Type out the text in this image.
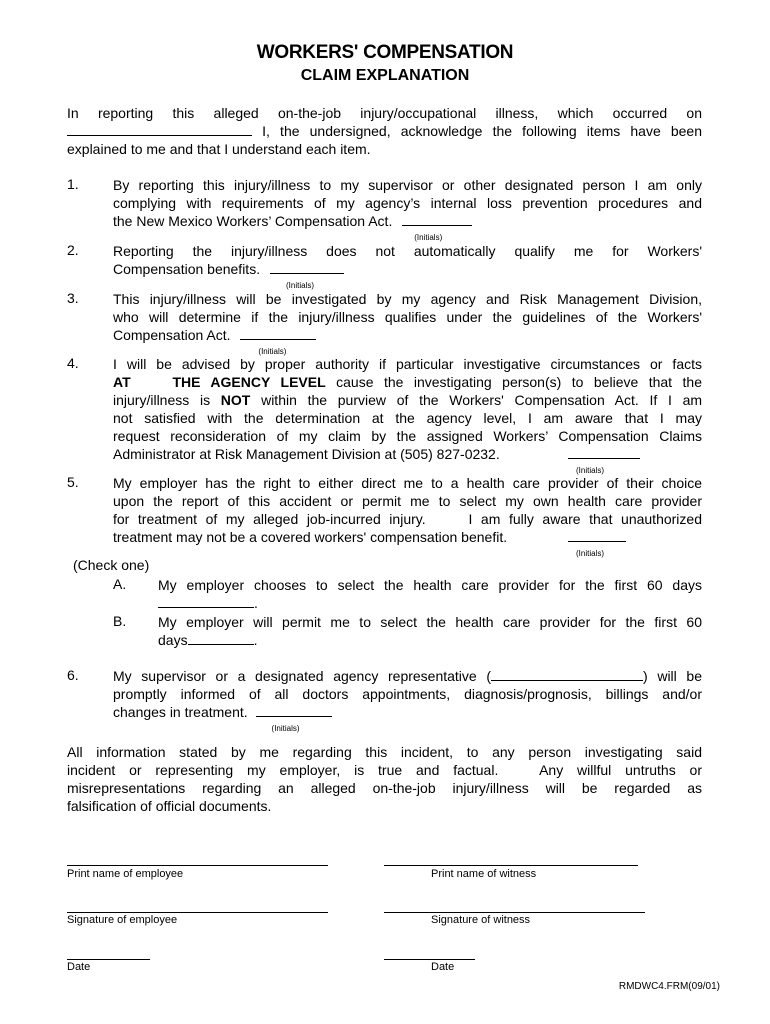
WORKERS' COMPENSATION
CLAIM EXPLANATION
In reporting this alleged on-the-job injury/occupational illness, which occurred on
I, the undersigned, acknowledge the following items have been
explained to me and that I understand each item.
1. By reporting this injury/illness to my supervisor or other designated person I am only
complying with requirements of my agency’s internal loss prevention procedures and
the New Mexico Workers’ Compensation Act.
(Initials)
2. Reporting the injury/illness does not automatically qualify me for Workers'
Compensation benefits.
(Initials)
3. This injury/illness will be investigated by my agency and Risk Management Division,
who will determine if the injury/illness qualifies under the guidelines of the Workers'
Compensation Act.
(Initials)
4. I will be advised by proper authority if particular investigative circumstances or facts
AT    THE AGENCY LEVEL cause the investigating person(s) to believe that the
injury/illness is NOT within the purview of the Workers' Compensation Act. If I am
not satisfied with the determination at the agency level, I am aware that I may
request reconsideration of my claim by the assigned Workers’ Compensation Claims
Administrator at Risk Management Division at (505) 827-0232.
(Initials)
5. My employer has the right to either direct me to a health care provider of their choice
upon the report of this accident or permit me to select my own health care provider
for treatment of my alleged job-incurred injury.     I am fully aware that unauthorized
treatment may not be a covered workers' compensation benefit.
(Initials)
(Check one)
A. My employer chooses to select the health care provider for the first 60 days
.
B. My employer will permit me to select the health care provider for the first 60
days	.
6. My supervisor or a designated agency representative (	) will be
promptly informed of all doctors appointments, diagnosis/prognosis, billings and/or
changes in treatment.
(Initials)
All information stated by me regarding this incident, to any person investigating said
incident or representing my employer, is true and factual.   Any willful untruths or
misrepresentations regarding an alleged on-the-job injury/illness will be regarded as
falsification of official documents.
Print name of employee	Print name of witness
Signature of employee	Signature of witness
Date	Date
RMDWC4.FRM(09/01)
